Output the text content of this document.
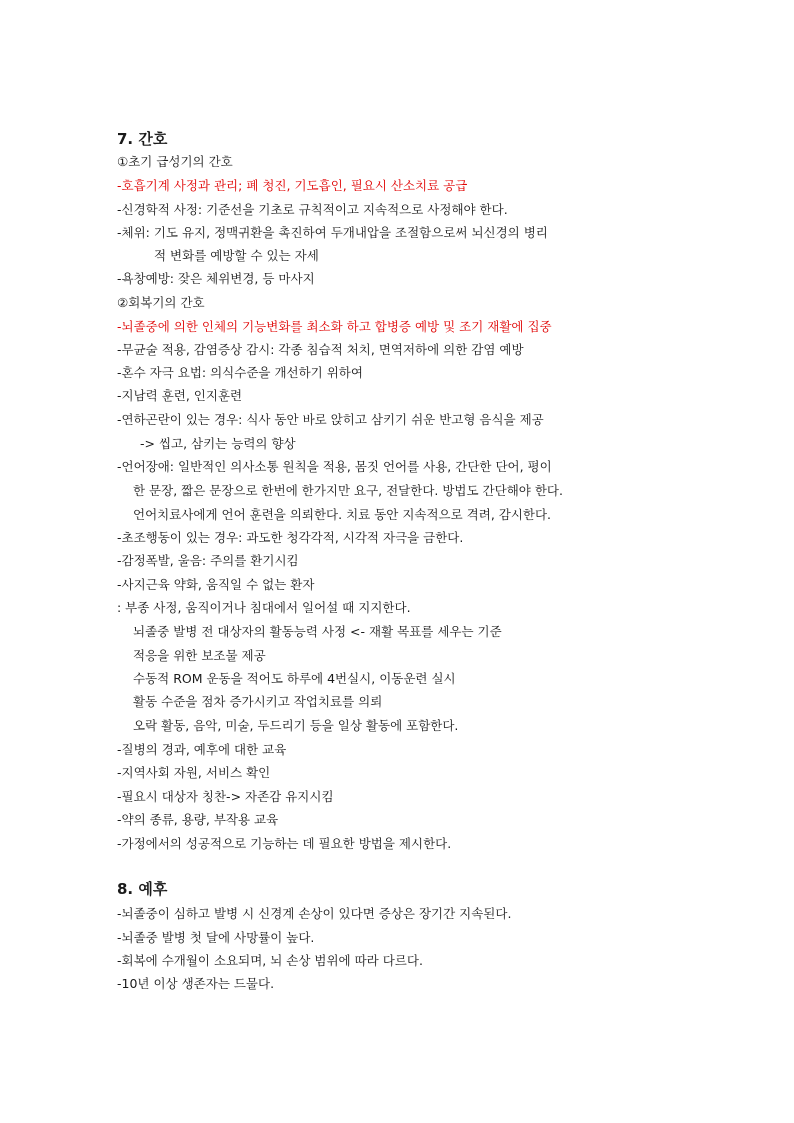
7. 간호
①초기 급성기의 간호
-호흡기계 사정과 관리; 폐 청진, 기도흡인, 필요시 산소치료 공급
-신경학적 사정: 기준선을 기초로 규칙적이고 지속적으로 사정해야 한다.
-체위: 기도 유지, 정맥귀환을 촉진하여 두개내압을 조절함으로써 뇌신경의 병리
적 변화를 예방할 수 있는 자세
-욕창예방: 잦은 체위변경, 등 마사지
②회복기의 간호
-뇌졸중에 의한 인체의 기능변화를 최소화 하고 합병증 예방 및 조기 재활에 집중
-무균술 적용, 감염증상 감시: 각종 침습적 처치, 면역저하에 의한 감염 예방
-혼수 자극 요법: 의식수준을 개선하기 위하여
-지남력 훈련, 인지훈련
-연하곤란이 있는 경우: 식사 동안 바로 앉히고 삼키기 쉬운 반고형 음식을 제공
-> 씹고, 삼키는 능력의 향상
-언어장애: 일반적인 의사소통 원칙을 적용, 몸짓 언어를 사용, 간단한 단어, 평이
한 문장, 짧은 문장으로 한번에 한가지만 요구, 전달한다. 방법도 간단해야 한다.
언어치료사에게 언어 훈련을 의뢰한다. 치료 동안 지속적으로 격려, 감시한다.
-초조행동이 있는 경우: 과도한 청각각적, 시각적 자극을 금한다.
-감정폭발, 울음: 주의를 환기시킴
-사지근육 약화, 움직일 수 없는 환자
: 부종 사정, 움직이거나 침대에서 일어설 때 지지한다.
뇌졸중 발병 전 대상자의 활동능력 사정 <- 재활 목표를 세우는 기준
적응을 위한 보조물 제공
수동적 ROM 운동을 적어도 하루에 4번실시, 이동운련 실시
활동 수준을 점차 증가시키고 작업치료를 의뢰
오락 활동, 음악, 미술, 두드리기 등을 일상 활동에 포함한다.
-질병의 경과, 예후에 대한 교육
-지역사회 자원, 서비스 확인
-필요시 대상자 칭찬-> 자존감 유지시킴
-약의 종류, 용량, 부작용 교육
-가정에서의 성공적으로 기능하는 데 필요한 방법을 제시한다.
8. 예후
-뇌졸중이 심하고 발병 시 신경계 손상이 있다면 증상은 장기간 지속된다.
-뇌졸중 발병 첫 달에 사망률이 높다.
-회복에 수개월이 소요되며, 뇌 손상 범위에 따라 다르다.
-10년 이상 생존자는 드물다.
